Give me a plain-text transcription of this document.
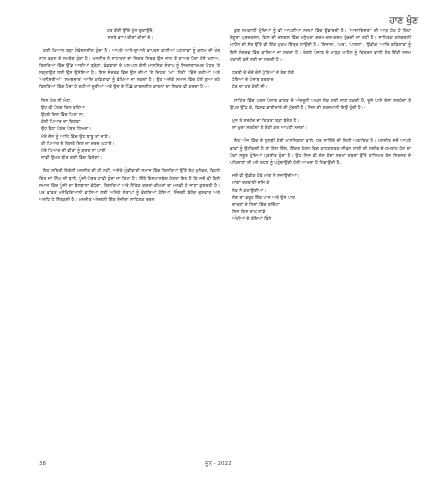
ਹਾਣ ਖੁੰਣ
ਹਰ ਕੋਈ ਉੱਚੇ ਮੁੱਲ ਚੁਕਾਉਂਦੈ,
ਸਸਤੇ ਭਾਅ ਚੀਜ਼ਾਂ ਕੀਜ਼ਾਂ ਦੇ।

ਕਈ ਖ਼ਿਆਲ ਬੜਾ ਸੰਵੇਦਨਸ਼ੀਲ ਹੁੰਦਾ ਹੈ। ਆਪਣੇ ਆਲੇ-ਦੁਆਲੇ ਵਾਪਰਨ ਵਾਲੀਆਂ ਘਟਨਾਵਾਂ ਨੂੰ ਕਲਮ ਦੀ ਖੰਬ ਨਾਲ ਫੜਨ ਦੇ ਸਮਰੱਥ ਹੁੰਦਾ ਹੈ। ਮਨਜੀਤ ਨੇ ਸਾਧਾਰਨ ਦਾ ਜ਼ਿਕਰ ਸਿਰਫ਼ ਉਸ ਜਾਣ ਤੋਂ ਬਾਅਦ ਪੈਦਾ ਹੋਏ ਖਲਾਅ, ਰਿਸ਼ਤਿਆਂ ਵਿੱਚ ਉੱਡ ਆਈਆਂ ਤ੍ਰੇੜਾਂ, ਵੰਡਵਾਰਾਂ ਦੇ ਪਲ-ਪਲ ਗੋਲੀ ਮਾਨਸਿਕ ਸੰਤਾਪ ਨੂੰ ਸਿਰਜਣਾਤਮਕ ਪੱਧਰ 'ਤੇ ਸਕ੍ਰਾਉਣ ਲਈ ਉਸ ਉਸੇਇਆ ਹੈ। ਇਸ ਸੰਦਰਭ ਵਿੱਚ ਉਸ ਦੀਆਂ 'ਏ ਜ਼ਿਹਰ' 'ਮਾਂ' 'ਲੋਰੀ' 'ਭਿੱਜੇ ਰਤੀਆਂ' ਅਤੇ 'ਅਸੀਸ਼ਰੀਆਂ' 'ਸਮਝਦਾਰ' ਆਦਿ ਕਵਿਤਾਵਾਂ ਨੂੰ ਵੇਖਿਆ ਜਾ ਸਕਦਾ ਹੈ। ਉਹ ਅਜੋਕੇ ਸਮਾਜ ਵਿੱਚ ਹੋਏ ਗੁਆ ਰਹੇ ਰਿਸ਼ਤਿਆਂ ਵਿੱਚ ਪੈਦਾ ਹੋ ਰਹੀਆਂ ਦੂਰੀਆਂ ਅਤੇ ਉਸ ਦੇ ਪਿੱਛੇ ਕਾਰਜਸ਼ੀਲ ਕਾਰਨਾਂ ਦਾ ਜ਼ਿਕਰ ਵੀ ਕਰਦਾ ਹੈ।--

ਜਿਸ ਘੱਰ ਸੀ ਮੰਤਾ,
ਉਹ ਵੀ ਪੱਥਰ ਦਿਲ ਬਣਿਆ
ਉਹਦੇ ਦਿਲ ਵਿੱਚ ਪਿਤਾ ਨਾ,
ਕੋਈ ਪਿਆਰ ਦਾ ਝਿਣਕਾ
ਉਹ ਬੈਠਾ ਪੱਥਰ ਪੱਥਰ ਲਿਖਦਾ।
ਮੇਰੇ ਦੱਸ ਨੂੰ ਆਹਿ ਵਿੱਚ ਉਹ ਬਾਬੂ ਤਾਂ ਜਾਣੋ।
ਕੀ ਪਿਆਰ ਦੇ ਰਿਸ਼ਤੇ ਦਿਲ ਦਾ ਦਰਦ ਘਟਾਏ।
ਮੇਰੇ ਪਿਆਰ ਦੀ ਵੀਰਾਂ ਨੂੰ ਕਦਰ ਨਾ ਪਾਈ
ਸਾਡੀ ਉਮਰ ਬੀਤ ਗਈ ਵਿੱਚ ਵਿਜੋਗਾਂ।

ਇਹ ਸਥਿਤੀ ਇਕੱਲੀ ਮਨਜੀਤ ਦੀ ਹੀ ਨਹੀਂ, ਅਜੋਕੇ ਮੁੰਡੀਵਾਦੀ ਸਮਾਜ ਵਿੱਚ ਰਿਸ਼ਤਿਆਂ ਉੱਤੇ ਬੇਹ ਮੁਨੱਫਰ, ਵਿਹਲੇ ਚਿੰਤ ਜਾਂ ਨਿੱਘ ਦੀ ਢਾਲੋ, ਪੂੰਜੀ-ਪੱਥਰ ਹਾਵੀ ਹੁੰਦਾ ਜਾ ਰਿਹਾ ਹੈ। ਇੱਥੇ ਇਸਮਾਨਚੋਗ ਹੋਣਰਾ ਇਹ ਹੈ ਕਿ ਜਦੋਂ ਵੀ ਕਿਸੇ ਸਮਾਜ ਵਿੱਚ ਪੂੰਜੀ ਦਾ ਬੋਲਬਾਲਾ ਵੱਧੇਗਾ, ਰਿਸ਼ਤਿਆਂ ਅਤੇ ਨੈਤਿਕ ਕਦਰਾਂ-ਕੀਮਤਾਂ ਦਾ ਮਨਫ਼ੀ ਹੋ ਜਾਣਾ ਕੁਦਰਤੀ ਹੈ। ਪਰ ਵਾਂਡਰ ਮਨੋਵਿਗਿਆਨੀ ਵਾਲਿਆਂ ਲਈ ਅਜਿਹੇ ਸੰਤਾਪਾਂ ਨੂੰ ਭੋਗਦਿਆਂ ਹੋਇਆਂ, ਜਿੰਦਗੀ ਬੇਹੱਦ ਦੁਸ਼ਵਾਰ ਅਤੇ ਅਸਹਿ ਹੋ ਨਿੱਬੜਦੀ ਹੈ। ਮਨਜੀਤ ਅੰਦਰਲੀ ਇੱਕ ਸੰਜੀਦਾ ਸਾਹਿਤਕ ਰਚਨ

ਕੁਝ ਸਮਕਾਲੀ ਮੁੱਦਿਆਂ ਨੂੰ ਵੀ ਆਪਣੀਆਂ ਨਜ਼ਮਾਂ ਵਿੱਚ ਉਭਾਰਦੀ ਹੈ। 'ਆਜ਼ਾਦਿਸ਼ਤਾ' ਦੀ ਆੜ ਹੇਠ ਹੋ ਰਿਹਾ ਬੇਹੂਦਾ ਪ੍ਰਦਰਸ਼ਨ, ਕਿਸ ਦੀ ਦਲਦਲ ਵਿੱਚ ਮਨੁੱਖਤਾ ਕਦਮ-ਦਰ-ਕਦਮ ਖੁੱਭਦੀ ਜਾ ਰਹੀ ਹੈ। ਸਾਹਿਤਕ ਕਲਚਰਲੀ ਮਾਹੌਲ ਦੀ ਸੋਰ ਉੱਤੇ ਵੀ ਇੱਕ ਮੁਕਮ ਚਿੱਤ੍ਰ ਲਾਉਂਦੀ ਹੈ। 'ਇਜ਼ਾਜ਼', 'ਘਰ', 'ਪਾਰਲਾ', 'ਉਡੀਕ' ਆਦਿ ਕਵਿਤਾਵਾਂ ਨੂੰ ਇਸੇ ਸੰਦਰਭ ਵਿੱਚ ਵਾਚਿਆ ਜਾ ਸਕਦਾ ਹੈ। ਰੰਗਲੇ ਪੰਜਾਬ ਦੇ ਮਾੜ੍ਹ ਮਾਹੌਲ ਨੂੰ ਚਿਤਰਨ ਵਾਲੀ ਹੋਰ ਇੱਕੀ ਨਜ਼ਮ ਹਕਾਰੀ ਵਜੋਂ ਲਈ ਜਾ ਸਕਦੀ ਹੈ।-

ਧਰਤੀ ਦੇ ਚੰਦੋਂ ਚੰਨੋਂ ਪੁੱਤਿਆਂ ਦੇ ਰੋਗ ਲੱਗੇ
ਟੋਇਆਂ ਦੇ ਪੰਜਾਬ ਬਰਬਾਦ
ਹੋਰ ਦਾ ਹਰ ਕੋਈ ਸੀ।

ਸਾਹਿਤ ਵਿੱਚ ਪਰਸ ਪੰਜਾਬ ਭਾਰਤ ਦੇ ਅੰਦਰੂਨੀ ਅਖ਼ਸ ਲੋਕ ਲਈ ਜਾਣ ਹਕਦੀ ਹੈ, ਦੂਜੇ ਪਾਸੇ ਦੇਸ਼ਾ ਸਰਹੱਦਾਂ ਤੋਂ ਉਪਰ ਉੱਠ ਕੇ, ਵਿਸ਼ਵ ਭਾਈਚਾਰੇ ਦੀ ਮੁੱਦਈ ਹੈ। ਜਿਸ ਦੀ ਤਰਜਮਾਨੀ ਇਉਂ ਹੁੰਦੀ ਹੈ।-

ਮੁਨ ਤੇ ਸਰਹੱਦ ਦਾ ਕਿਤਤਾ ਬੜਾ ਬੇਰੋਤ ਹੈ।
ਸਾਂ ਖ਼ੁਦਾ ਸਰਹੱਦਾਂ ਤੇ ਰੋਕੀ ਕਰ ਆਪਣੀ ਨਜ਼ਰਾਂ।

ਇਹ ਅੱਜ ਵਿੱਚ ਦੇ ਸੁਲਝੀ ਹੋਈ ਮਾਨਸਿਕਤਾ ਵਾਲੇ, ਹਰ ਸਾਰਿੱਥੇ ਦੀ ਦਿਲੀ ਅਵਾਜ਼ਿਕ ਹੈ। ਮਨਜੀਤ ਜਦੋਂ ਆਪਣੇ ਭਾਵਾਂ ਨੂੰ ਉਲੀਕਦੀ ਹੈ ਤਾਂ ਇਸ ਦਿੱਸ਼, ਇੱਕਰ ਹੋਣਸ ਵਿਚ ਕਾਹਣਸ਼ਤਕ ਜੀਵਨ ਸਾਥੀ ਦੀ ਸਦੀਵ-ਦੇ-ਹਮਰਾਹ ਹੋਣ ਦਾ ਪੱਕਾ ਸਬੂਤ ਹੁੰਦਿਆਂ ਪ੍ਰਤੀਤ ਹੁੰਦਾ ਹੈ। ਉਹ ਜਿਸ ਵੀ ਦੋਸ ਹੋਂਦਾਂ ਨਜ਼ਮਾਂ ਸ਼ਬਦਾਂ ਉੱਤੇ ਤਾਲਿਮਤ ਤੇਜ਼ ਸਿਰਜਣ ਦੇ ਪਹਿਚਾਣਾਂ ਦੀ ਮਨੇ ਰਹਣ ਨੂੰ ਪਹੁੰਚਾਉਂਦੀ ਹੋਈ ਆਖਦਾ ਹੈ ਨਿਭਾਉਂਦੀ ਹੈ,

ਜਦੋਂ ਵੀ ਉਡੀਕ ਹੋਵੇ ਮਾਂਗ ਨੇ ਸਜਾਉਂਦੀਆਂ।
ਮਾਂਗਾਂ ਦਰਬਾਰੀ ਸਜਿ ਕੇ
ਨੱਕ ਨੇ ਕਹਾਉਂਦੀਆਂ।
ਜੱਗ ਦਾ ਫਰੂਹ ਇੱਕ ਪਾਜ ਅਤੇ ਉਸ ਪਾਰ
ਚਾਰਣਾਂ ਦੇ ਨਿਸ਼ਾਂ ਵਿੱਚ ਕਚਿੱਟਾ
ਜਿਸ ਕਿਸ ਰਾਖ ਲਾਡੇ
ਅੰਖੀਆਂ ਦੇ ਕੋਇਆਂ ਵਿੰਨੇ
38	ਜੂਨ - 2022
